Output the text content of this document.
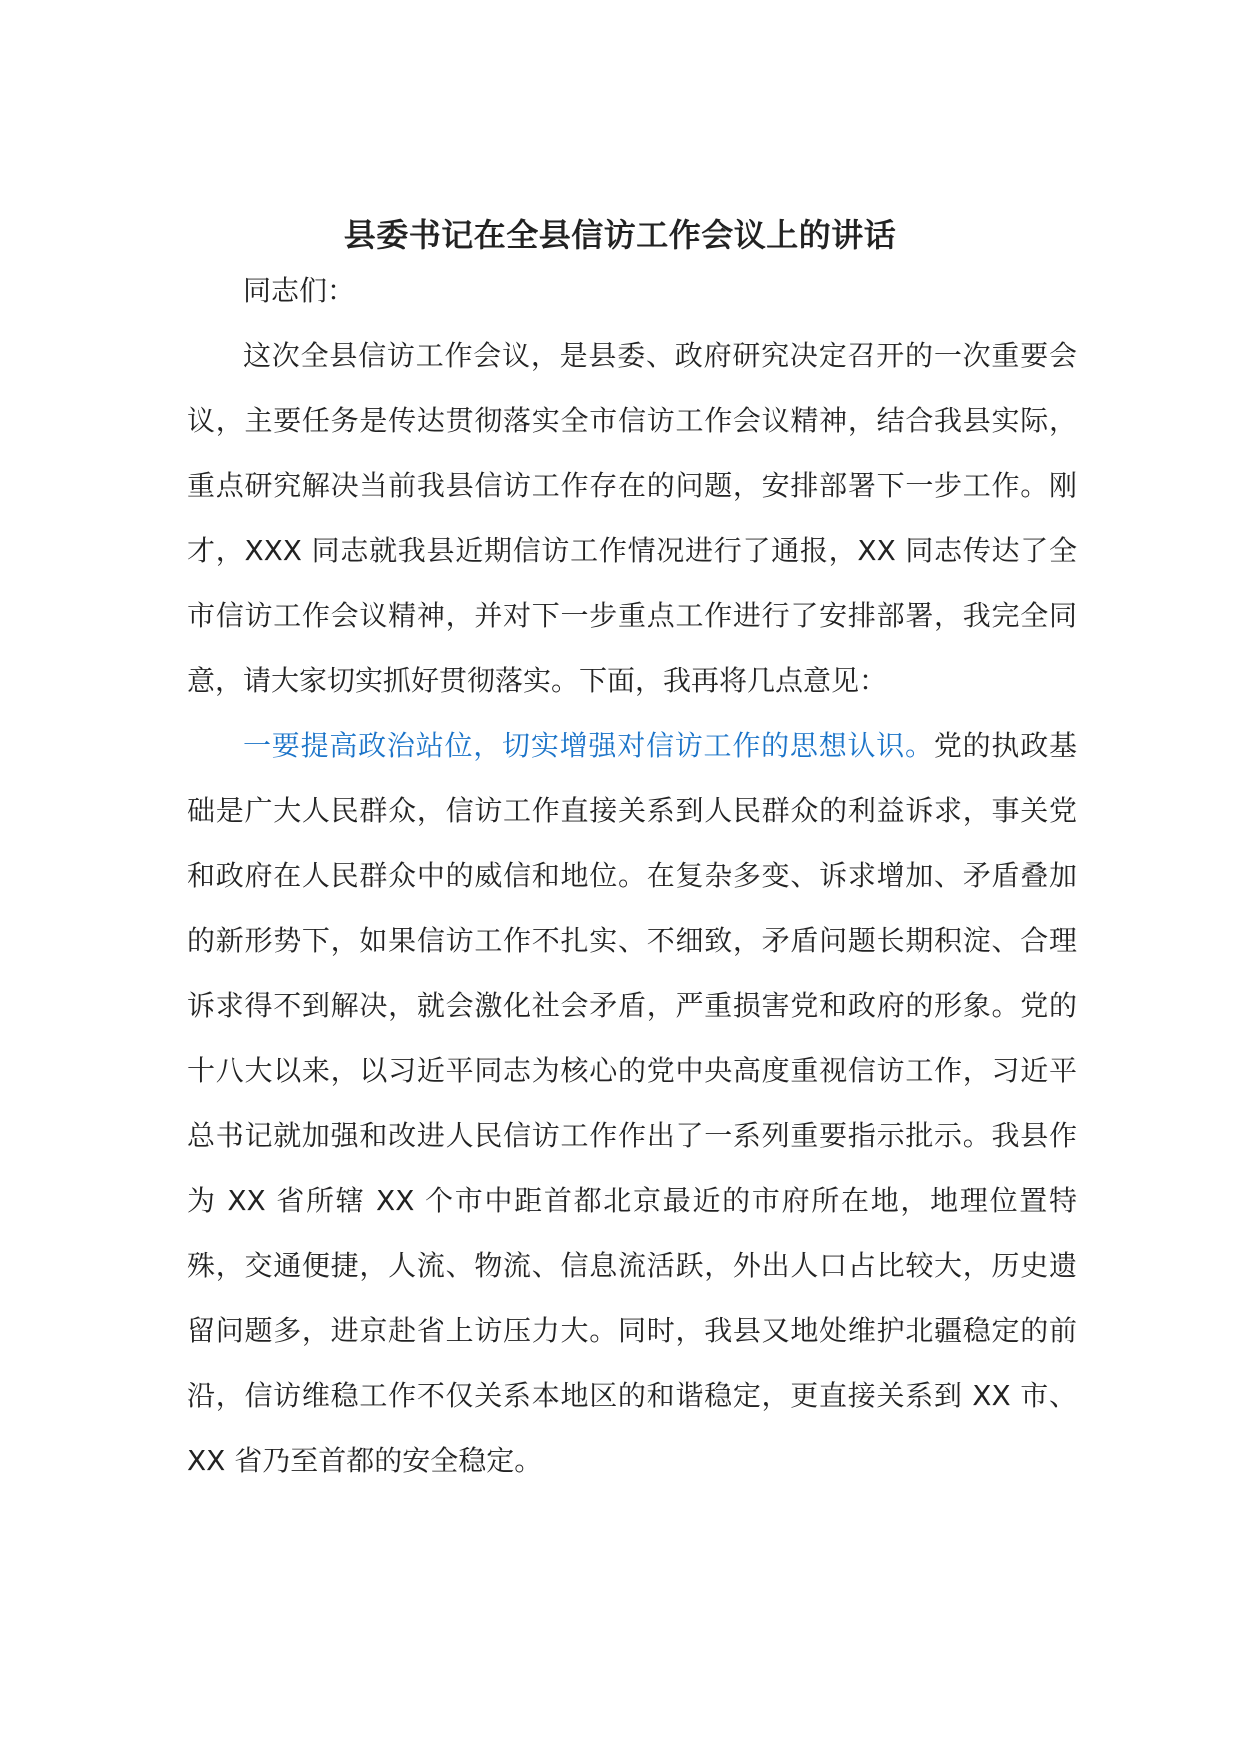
县委书记在全县信访工作会议上的讲话

同志们：

这次全县信访工作会议，是县委、政府研究决定召开的一次重要会议，主要任务是传达贯彻落实全市信访工作会议精神，结合我县实际，重点研究解决当前我县信访工作存在的问题，安排部署下一步工作。刚才，XXX 同志就我县近期信访工作情况进行了通报，XX 同志传达了全市信访工作会议精神，并对下一步重点工作进行了安排部署，我完全同意，请大家切实抓好贯彻落实。下面，我再将几点意见：

一要提高政治站位，切实增强对信访工作的思想认识。党的执政基础是广大人民群众，信访工作直接关系到人民群众的利益诉求，事关党和政府在人民群众中的威信和地位。在复杂多变、诉求增加、矛盾叠加的新形势下，如果信访工作不扎实、不细致，矛盾问题长期积淀、合理诉求得不到解决，就会激化社会矛盾，严重损害党和政府的形象。党的十八大以来，以习近平同志为核心的党中央高度重视信访工作，习近平总书记就加强和改进人民信访工作作出了一系列重要指示批示。我县作为 XX 省所辖 XX 个市中距首都北京最近的市府所在地，地理位置特殊，交通便捷，人流、物流、信息流活跃，外出人口占比较大，历史遗留问题多，进京赴省上访压力大。同时，我县又地处维护北疆稳定的前沿，信访维稳工作不仅关系本地区的和谐稳定，更直接关系到 XX 市、XX 省乃至首都的安全稳定。
